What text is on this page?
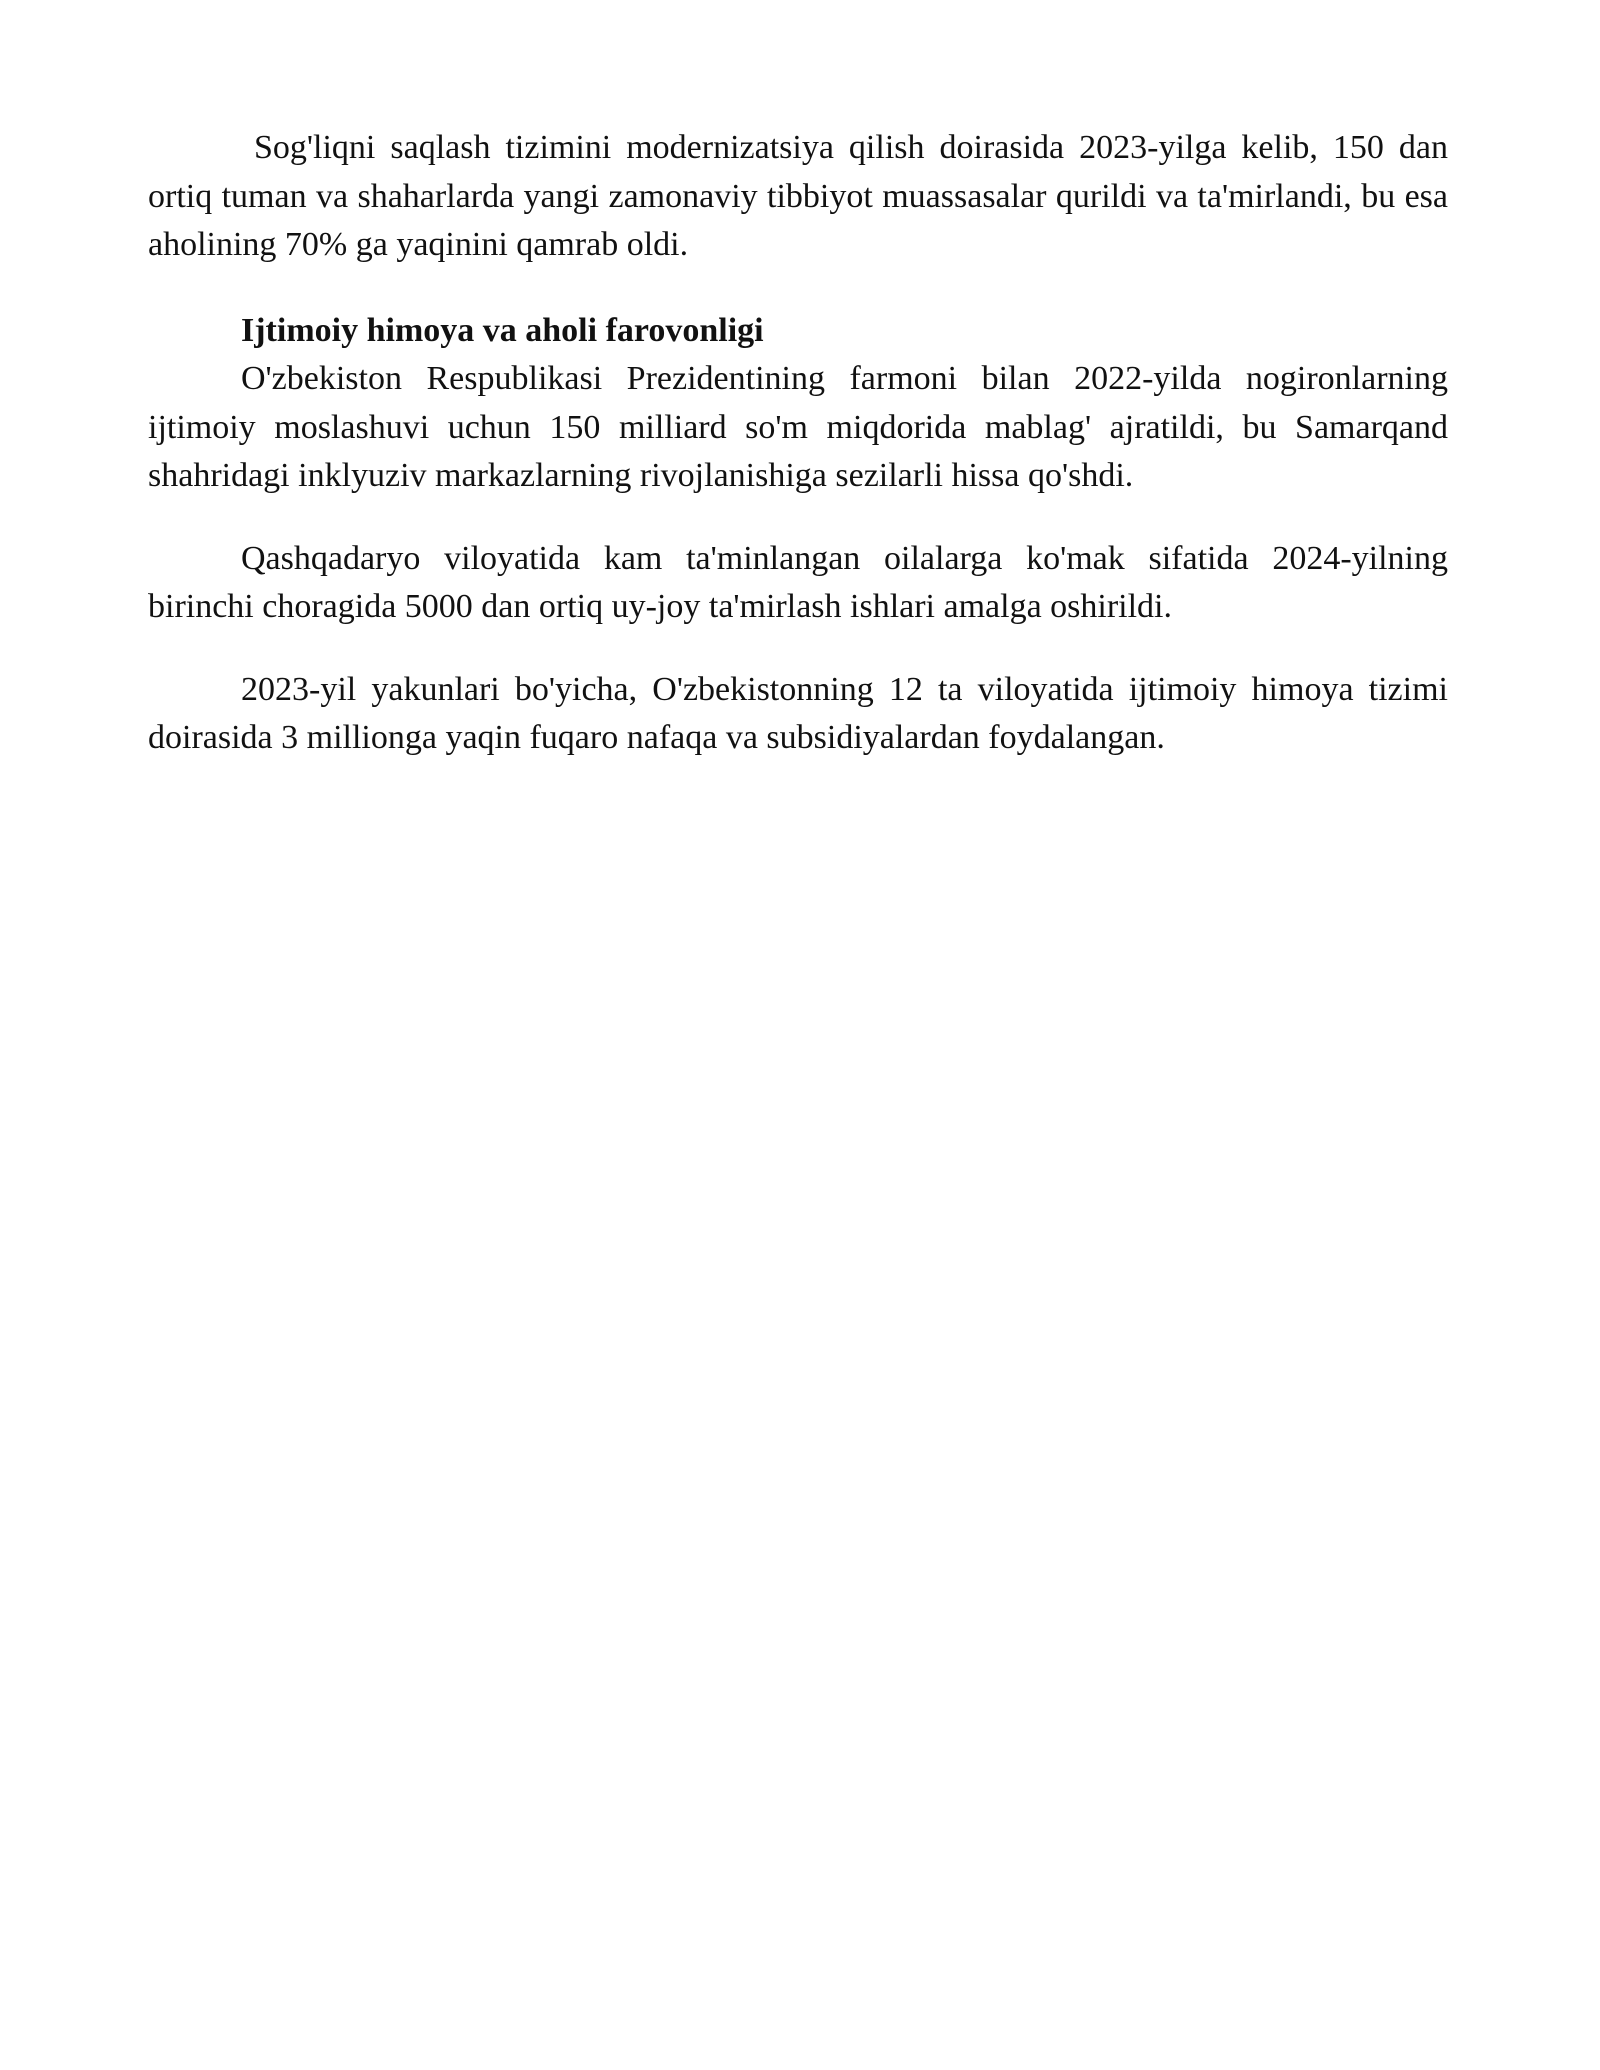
Sog'liqni saqlash tizimini modernizatsiya qilish doirasida 2023-yilga kelib, 150 dan ortiq tuman va shaharlarda yangi zamonaviy tibbiyot muassasalar qurildi va ta'mirlandi, bu esa aholining 70% ga yaqinini qamrab oldi.

Ijtimoiy himoya va aholi farovonligi

O'zbekiston Respublikasi Prezidentining farmoni bilan 2022-yilda nogironlarning ijtimoiy moslashuvi uchun 150 milliard so'm miqdorida mablag' ajratildi, bu Samarqand shahridagi inklyuziv markazlarning rivojlanishiga sezilarli hissa qo'shdi.

Qashqadaryo viloyatida kam ta'minlangan oilalarga ko'mak sifatida 2024-yilning birinchi choragida 5000 dan ortiq uy-joy ta'mirlash ishlari amalga oshirildi.

2023-yil yakunlari bo'yicha, O'zbekistonning 12 ta viloyatida ijtimoiy himoya tizimi doirasida 3 millionga yaqin fuqaro nafaqa va subsidiyalardan foydalangan.
